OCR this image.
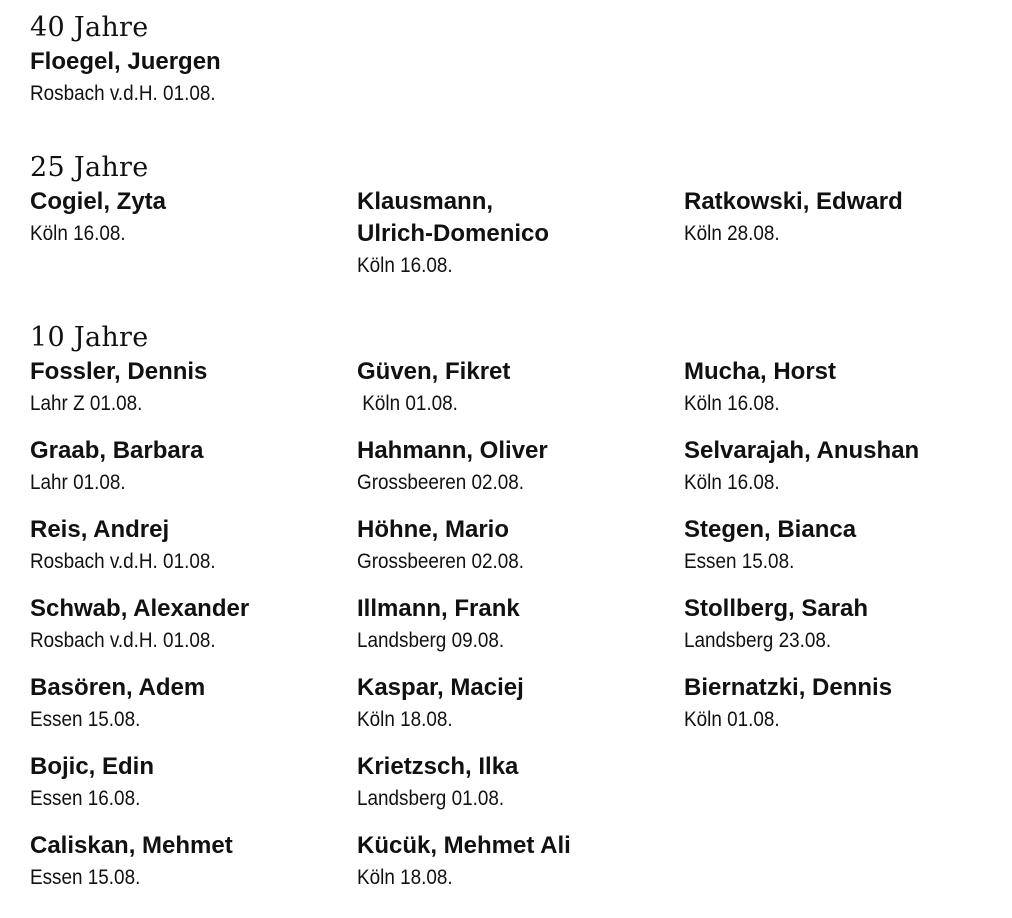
40 Jahre
Floegel, Juergen
Rosbach v.d.H. 01.08.
25 Jahre
Cogiel, Zyta
Köln 16.08.
Klausmann,
Ulrich-Domenico
Köln 16.08.
Ratkowski, Edward
Köln 28.08.
10 Jahre
Fossler, Dennis
Lahr Z 01.08.
Graab, Barbara
Lahr 01.08.
Reis, Andrej
Rosbach v.d.H. 01.08.
Schwab, Alexander
Rosbach v.d.H. 01.08.
Basören, Adem
Essen 15.08.
Bojic, Edin
Essen 16.08.
Caliskan, Mehmet
Essen 15.08.
Güven, Fikret
Köln 01.08.
Hahmann, Oliver
Grossbeeren 02.08.
Höhne, Mario
Grossbeeren 02.08.
Illmann, Frank
Landsberg 09.08.
Kaspar, Maciej
Köln 18.08.
Krietzsch, Ilka
Landsberg 01.08.
Kücük, Mehmet Ali
Köln 18.08.
Mucha, Horst
Köln 16.08.
Selvarajah, Anushan
Köln 16.08.
Stegen, Bianca
Essen 15.08.
Stollberg, Sarah
Landsberg 23.08.
Biernatzki, Dennis
Köln 01.08.
